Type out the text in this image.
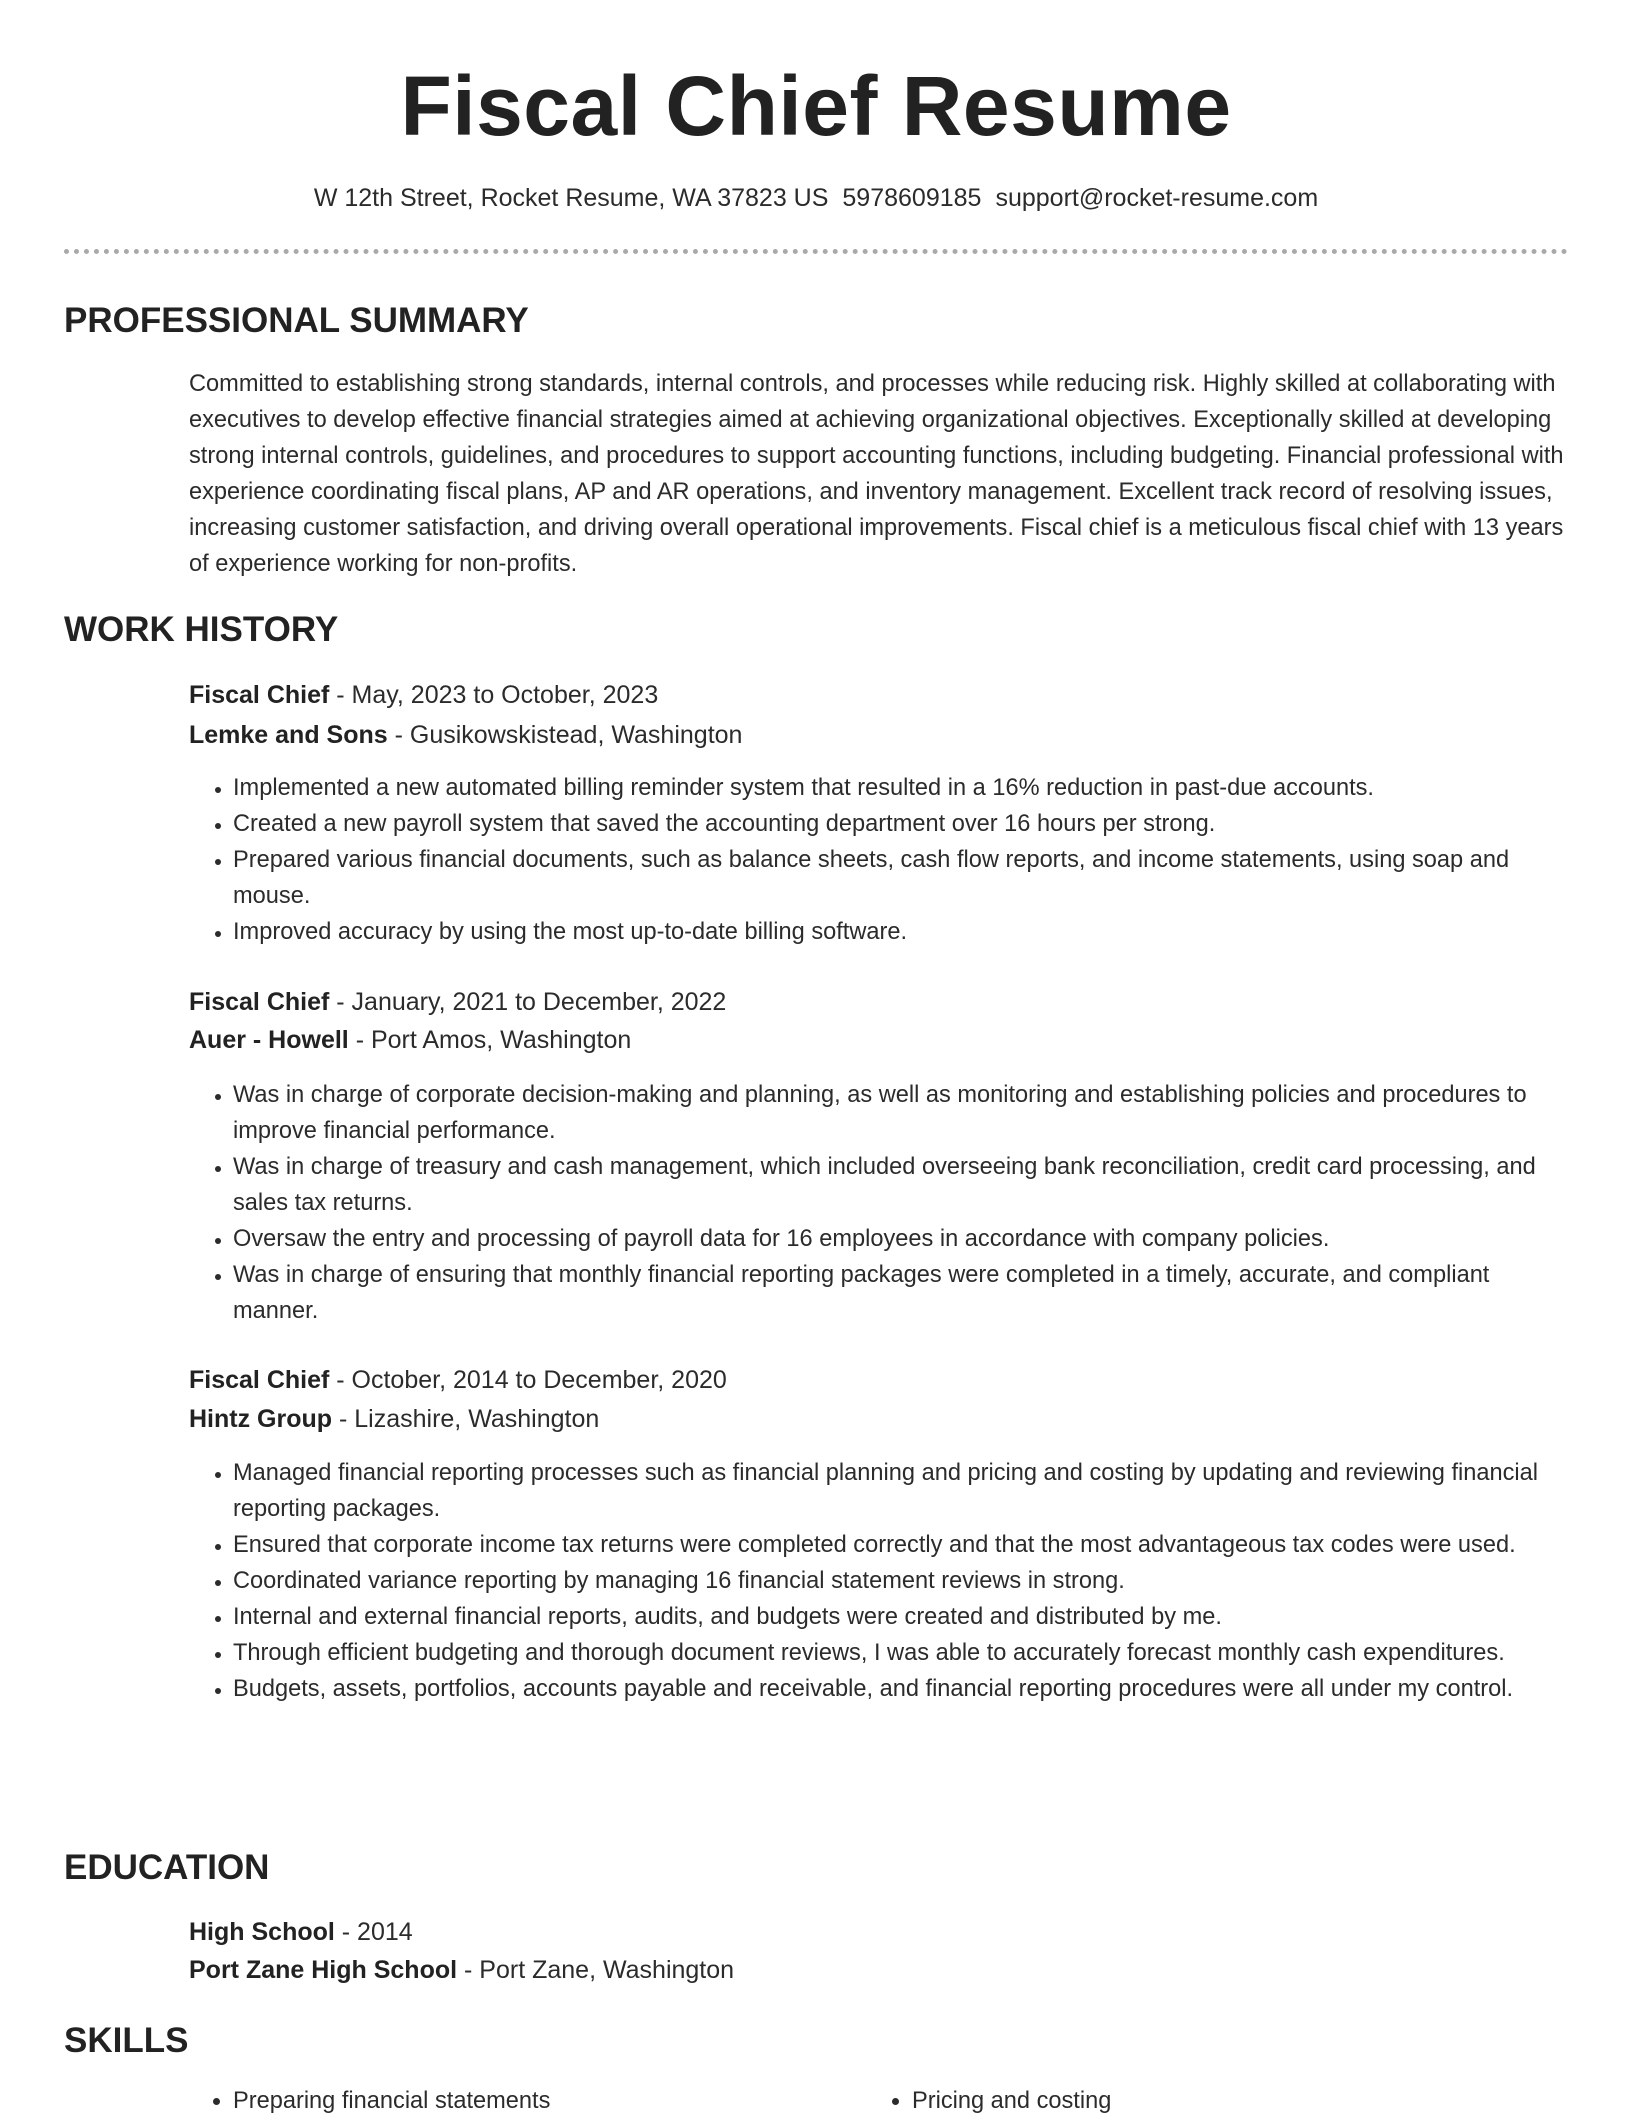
Fiscal Chief Resume
W 12th Street, Rocket Resume, WA 37823 US 5978609185 support@rocket-resume.com
PROFESSIONAL SUMMARY

Committed to establishing strong standards, internal controls, and processes while reducing risk. Highly skilled at collaborating with executives to develop effective financial strategies aimed at achieving organizational objectives. Exceptionally skilled at developing strong internal controls, guidelines, and procedures to support accounting functions, including budgeting. Financial professional with experience coordinating fiscal plans, AP and AR operations, and inventory management. Excellent track record of resolving issues, increasing customer satisfaction, and driving overall operational improvements. Fiscal chief is a meticulous fiscal chief with 13 years of experience working for non-profits.

WORK HISTORY
Fiscal Chief - May, 2023 to October, 2023
Lemke and Sons - Gusikowskistead, Washington
• Implemented a new automated billing reminder system that resulted in a 16% reduction in past-due accounts.
• Created a new payroll system that saved the accounting department over 16 hours per strong.
• Prepared various financial documents, such as balance sheets, cash flow reports, and income statements, using soap and mouse.
• Improved accuracy by using the most up-to-date billing software.
Fiscal Chief - January, 2021 to December, 2022
Auer - Howell - Port Amos, Washington
• Was in charge of corporate decision-making and planning, as well as monitoring and establishing policies and procedures to improve financial performance.
• Was in charge of treasury and cash management, which included overseeing bank reconciliation, credit card processing, and sales tax returns.
• Oversaw the entry and processing of payroll data for 16 employees in accordance with company policies.
• Was in charge of ensuring that monthly financial reporting packages were completed in a timely, accurate, and compliant manner.
Fiscal Chief - October, 2014 to December, 2020
Hintz Group - Lizashire, Washington
• Managed financial reporting processes such as financial planning and pricing and costing by updating and reviewing financial reporting packages.
• Ensured that corporate income tax returns were completed correctly and that the most advantageous tax codes were used.
• Coordinated variance reporting by managing 16 financial statement reviews in strong.
• Internal and external financial reports, audits, and budgets were created and distributed by me.
• Through efficient budgeting and thorough document reviews, I was able to accurately forecast monthly cash expenditures.
• Budgets, assets, portfolios, accounts payable and receivable, and financial reporting procedures were all under my control.
EDUCATION
High School - 2014
Port Zane High School - Port Zane, Washington
SKILLS
• Preparing financial statements
•	Pricing and costing
